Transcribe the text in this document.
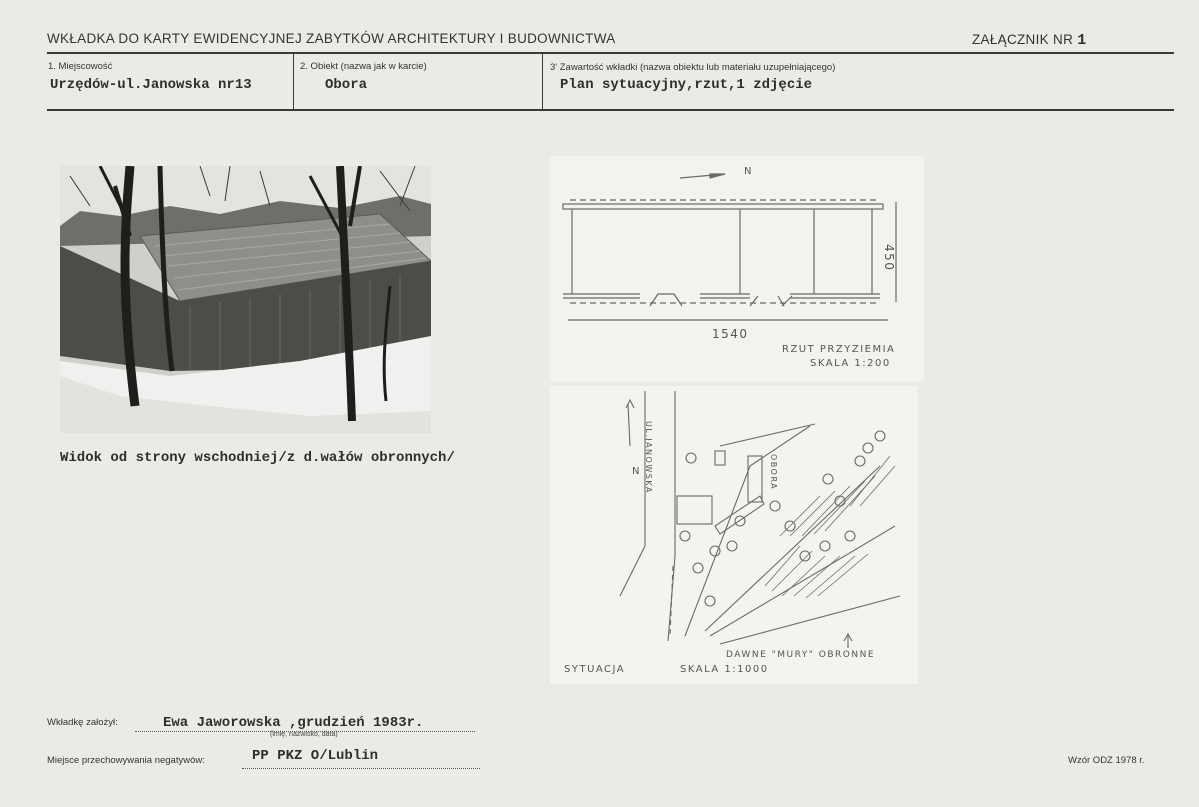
WKŁADKA DO KARTY EWIDENCYJNEJ ZABYTKÓW ARCHITEKTURY I BUDOWNICTWA	ZAŁĄCZNIK NR 1
1. Miejscowość
Urzędów-ul.Janowska nr13
2. Obiekt (nazwa jak w karcie)
Obora
3' Zawartość wkładki (nazwa obiektu lub materiału uzupełniającego)
Plan sytuacyjny,rzut,1 zdjęcie
Widok od strony wschodniej/z d.wałów obronnych/
N
1540
450
RZUT PRZYZIEMIA
SKALA 1:200
N UL.JANOWSKA	OBORA
DAWNE "MURY" OBRONNE
SYTUACJA	SKALA 1:1000
Wkładkę założył:	Ewa Jaworowska ,grudzień 1983r.
(imię, nazwisko, data)
Miejsce przechowywania negatywów:	PP PKZ O/Lublin	Wzór ODZ 1978 r.
